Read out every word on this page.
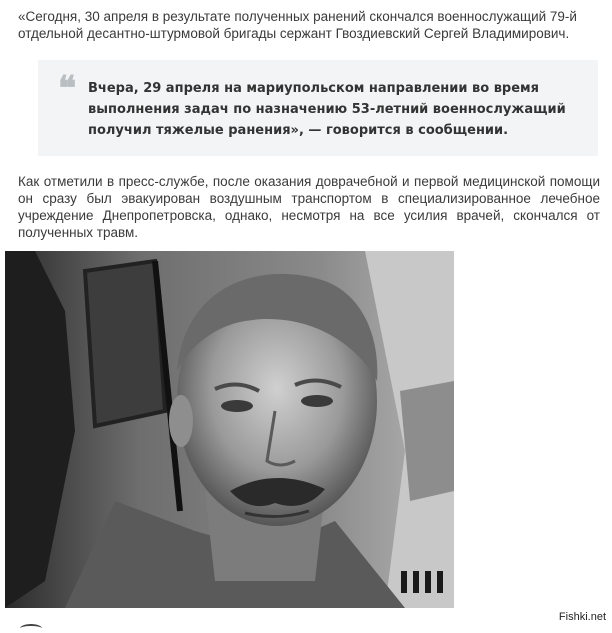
«Сегодня, 30 апреля в результате полученных ранений скончался военнослужащий 79-й отдельной десантно-штурмовой бригады сержант Гвоздиевский Сергей Владимирович.

❝ Вчера, 29 апреля на мариупольском направлении во время выполнения задач по назначению 53-летний военнослужащий получил тяжелые ранения», — говорится в сообщении.

Как отметили в пресс-службе, после оказания доврачебной и первой медицинской помощи он сразу был эвакуирован воздушным транспортом в специализированное лечебное учреждение Днепропетровска, однако, несмотря на все усилия врачей, скончался от полученных травм.

Fishki.net
